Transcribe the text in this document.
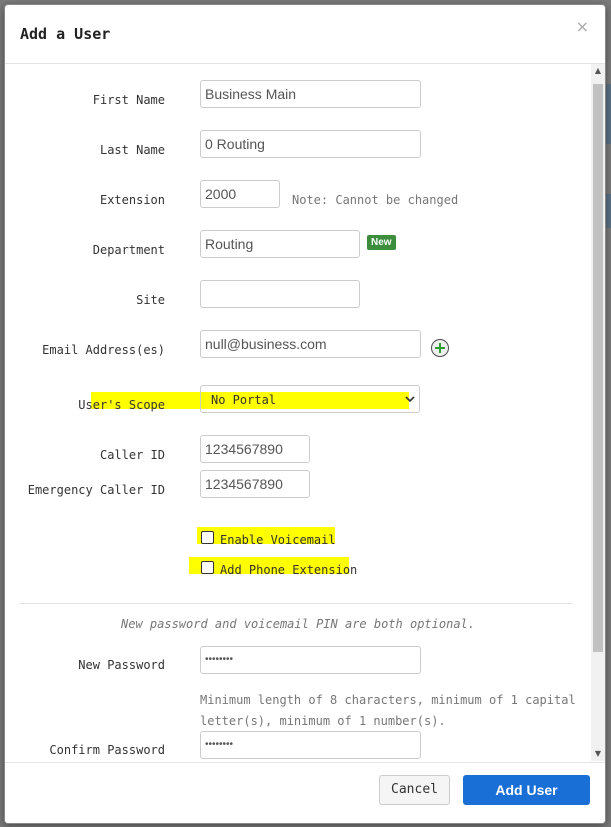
Add a User	×
First Name	Business Main
Last Name	0 Routing
Extension	2000	Note: Cannot be changed
Department	Routing	New
Site
Email Address(es)	null@business.com
User's Scope	No Portal
Caller ID	1234567890
Emergency Caller ID	1234567890
Enable Voicemail
Add Phone Extension
New password and voicemail PIN are both optional.
New Password	••••••••
Minimum length of 8 characters, minimum of 1 capital
letter(s), minimum of 1 number(s).
Confirm Password	••••••••
▲
▼
Cancel	Add User
